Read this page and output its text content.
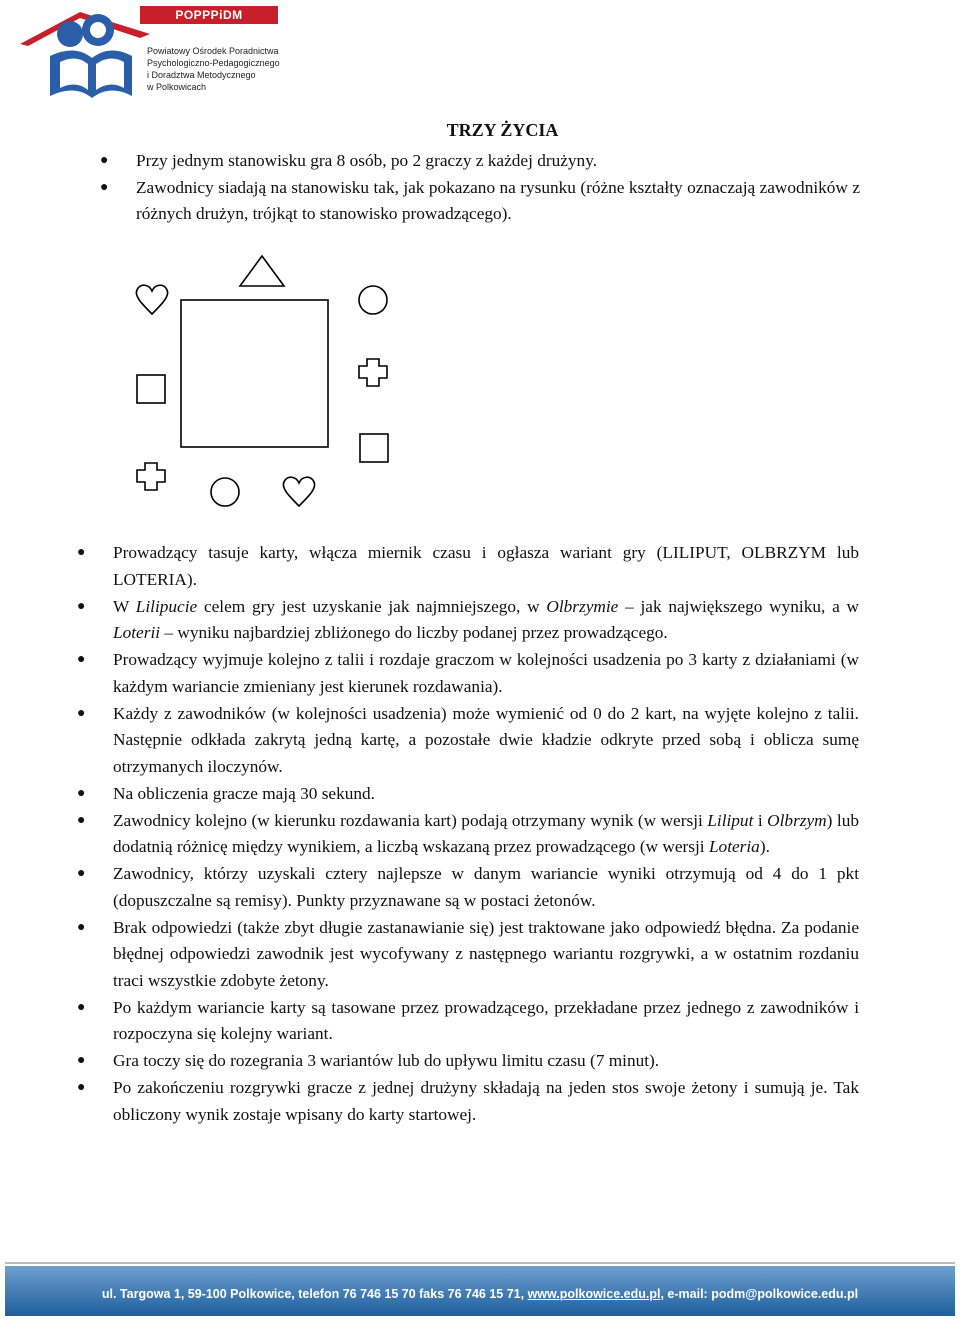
POPPPiDM
Powiatowy Ośrodek Poradnictwa
Psychologiczno-Pedagogicznego
i Doradztwa Metodycznego
w Polkowicach
TRZY ŻYCIA

● Przy jednym stanowisku gra 8 osób, po 2 graczy z każdej drużyny.

● Zawodnicy siadają na stanowisku tak, jak pokazano na rysunku (różne kształty oznaczają zawodników z różnych drużyn, trójkąt to stanowisko prowadzącego).

● Prowadzący tasuje karty, włącza miernik czasu i ogłasza wariant gry (LILIPUT, OLBRZYM lub LOTERIA).

● W Lilipucie celem gry jest uzyskanie jak najmniejszego, w Olbrzymie – jak największego wyniku, a w Loterii – wyniku najbardziej zbliżonego do liczby podanej przez prowadzącego.

● Prowadzący wyjmuje kolejno z talii i rozdaje graczom w kolejności usadzenia po 3 karty z działaniami (w każdym wariancie zmieniany jest kierunek rozdawania).

● Każdy z zawodników (w kolejności usadzenia) może wymienić od 0 do 2 kart, na wyjęte kolejno z talii. Następnie odkłada zakrytą jedną kartę, a pozostałe dwie kładzie odkryte przed sobą i oblicza sumę otrzymanych iloczynów.

● Na obliczenia gracze mają 30 sekund.

● Zawodnicy kolejno (w kierunku rozdawania kart) podają otrzymany wynik (w wersji Liliput i Olbrzym) lub dodatnią różnicę między wynikiem, a liczbą wskazaną przez prowadzącego (w wersji Loteria).

● Zawodnicy, którzy uzyskali cztery najlepsze w danym wariancie wyniki otrzymują od 4 do 1 pkt (dopuszczalne są remisy). Punkty przyznawane są w postaci żetonów.

● Brak odpowiedzi (także zbyt długie zastanawianie się) jest traktowane jako odpowiedź błędna. Za podanie błędnej odpowiedzi zawodnik jest wycofywany z następnego wariantu rozgrywki, a w ostatnim rozdaniu traci wszystkie zdobyte żetony.

● Po każdym wariancie karty są tasowane przez prowadzącego, przekładane przez jednego z zawodników i rozpoczyna się kolejny wariant.

● Gra toczy się do rozegrania 3 wariantów lub do upływu limitu czasu (7 minut).

● Po zakończeniu rozgrywki gracze z jednej drużyny składają na jeden stos swoje żetony i sumują je. Tak obliczony wynik zostaje wpisany do karty startowej.

ul. Targowa 1, 59-100 Polkowice, telefon 76 746 15 70 faks 76 746 15 71, www.polkowice.edu.pl, e-mail: podm@polkowice.edu.pl
